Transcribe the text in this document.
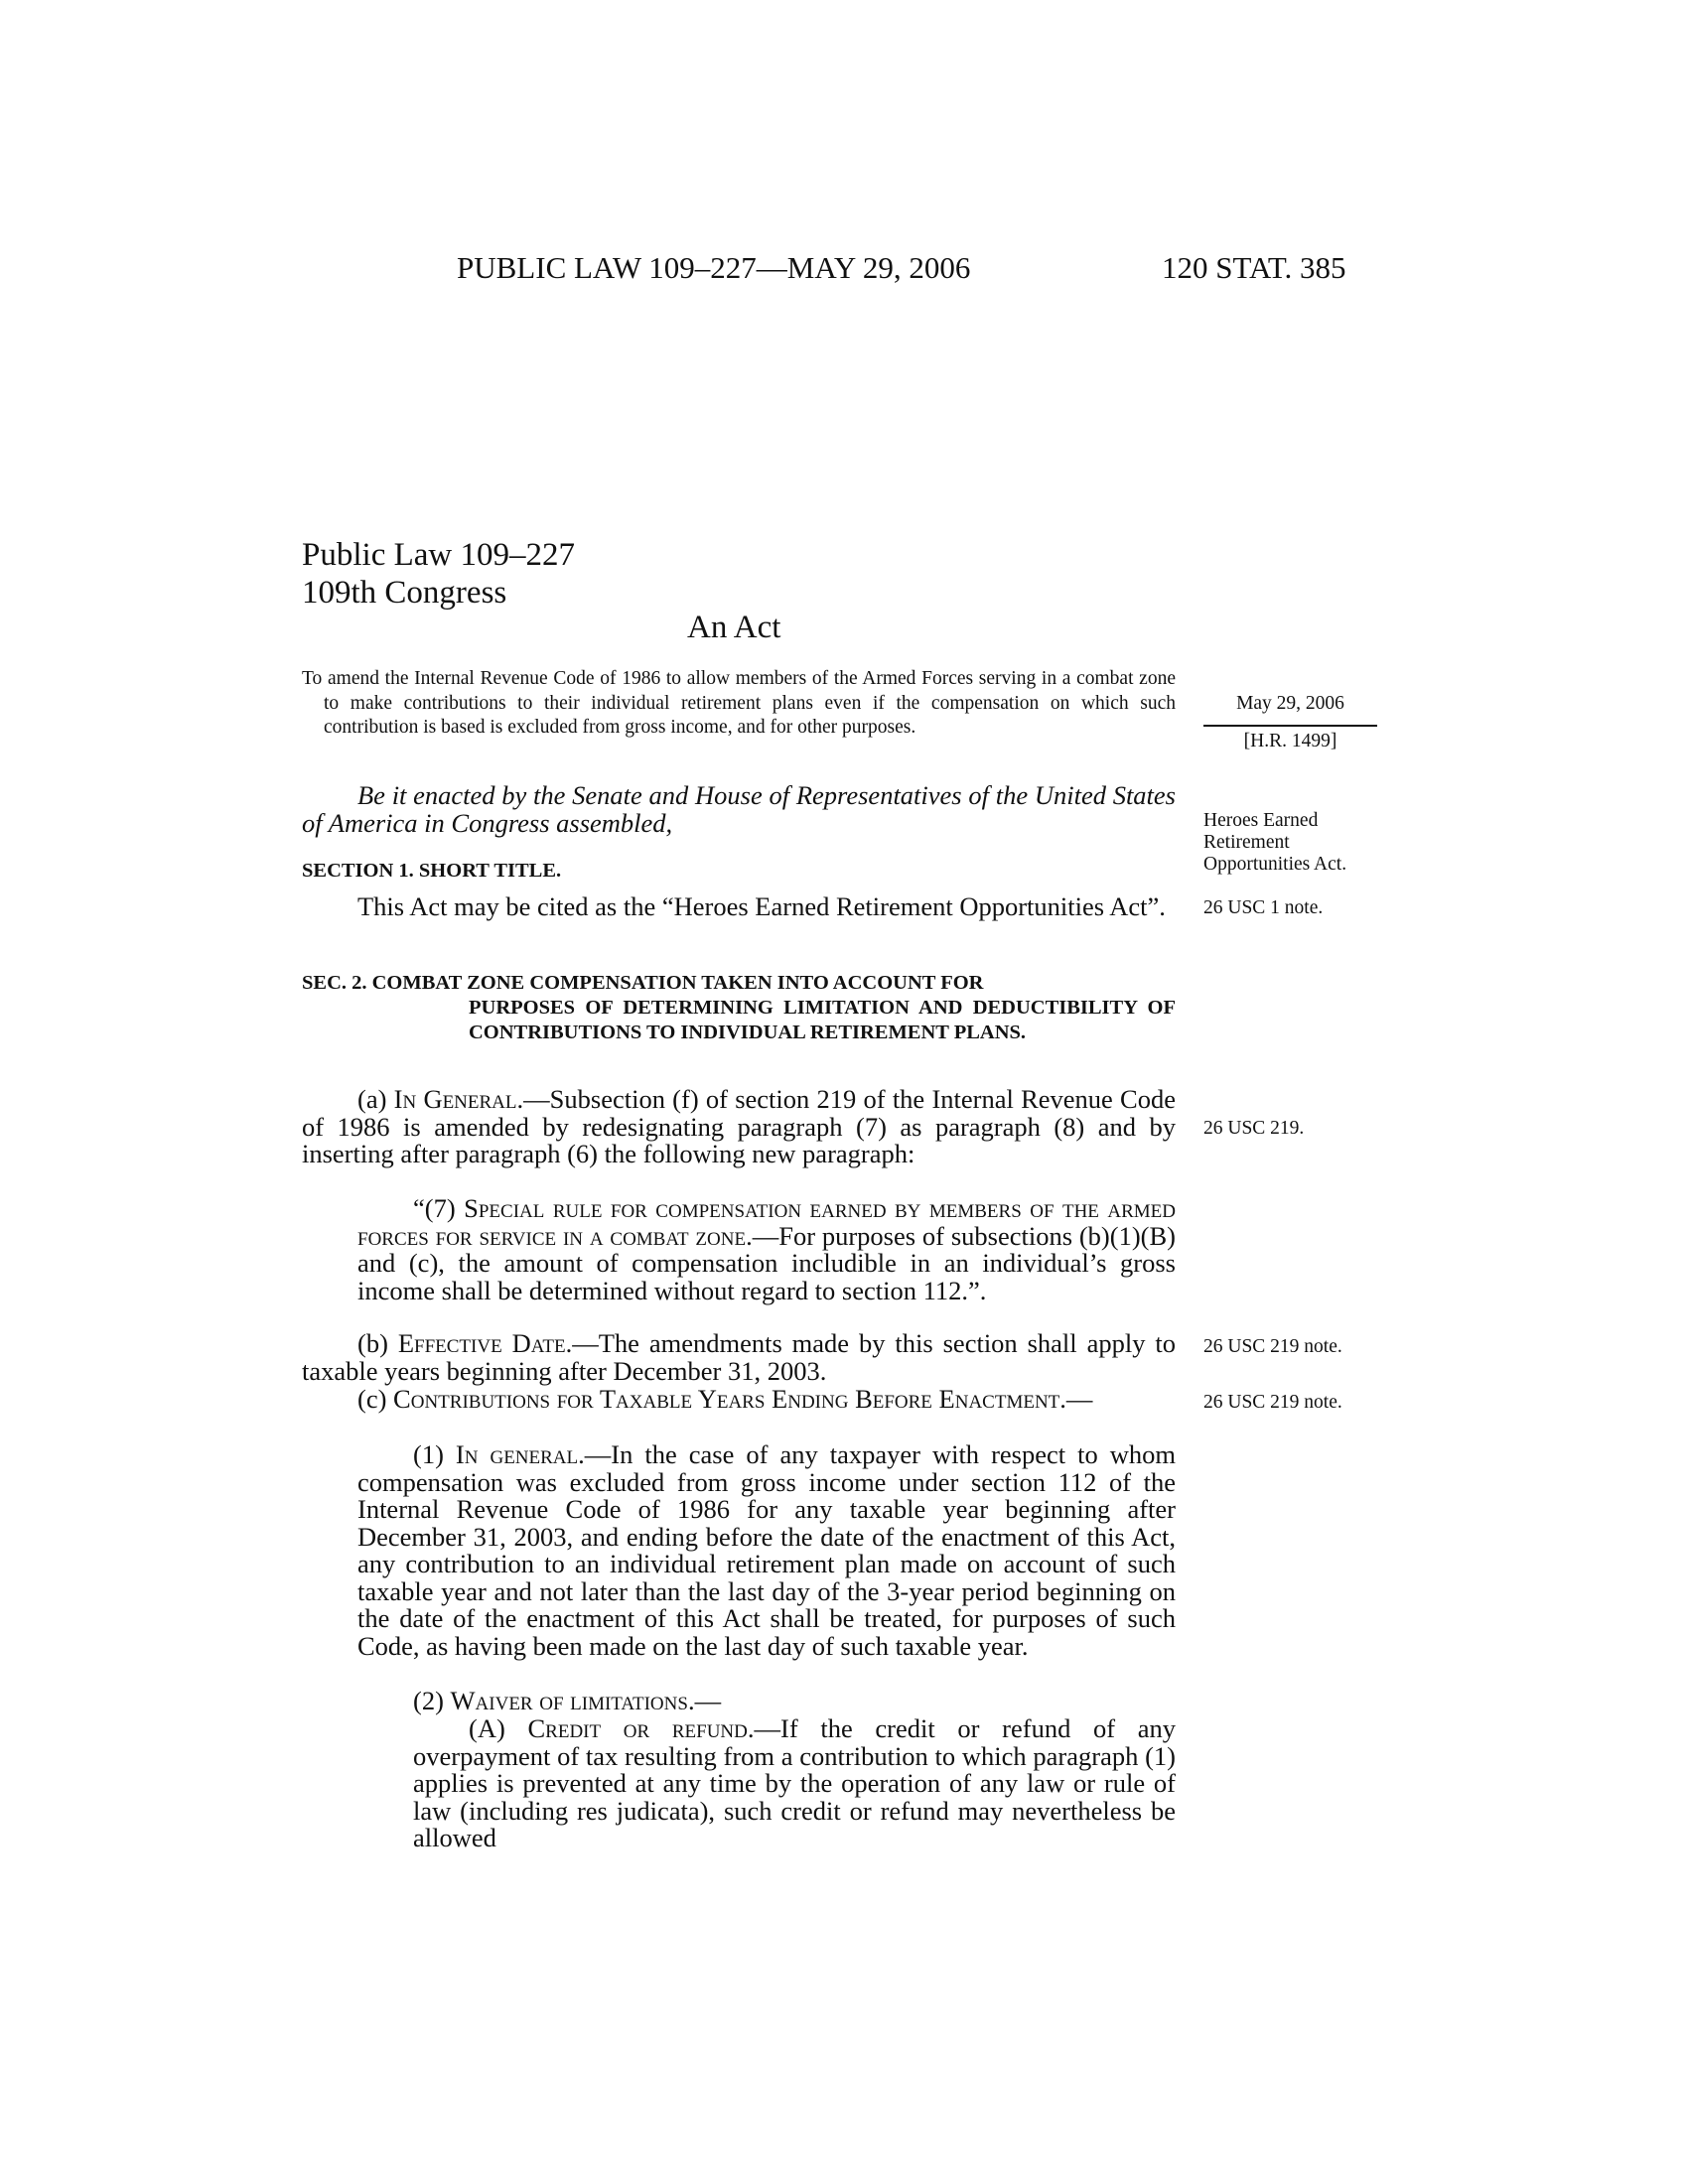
PUBLIC LAW 109–227—MAY 29, 2006	120 STAT. 385
Public Law 109–227
109th Congress
An Act
To amend the Internal Revenue Code of 1986 to allow members of the Armed Forces serving in a combat zone to make contributions to their individual retirement plans even if the compensation on which such contribution is based is excluded from gross income, and for other purposes.
May 29, 2006
[H.R. 1499]
Heroes Earned Retirement Opportunities Act.
26 USC 1 note.
26 USC 219.
26 USC 219 note.
26 USC 219 note.
Be it enacted by the Senate and House of Representatives of the United States of America in Congress assembled,
SECTION 1. SHORT TITLE.
This Act may be cited as the “Heroes Earned Retirement Opportunities Act”.
SEC. 2. COMBAT ZONE COMPENSATION TAKEN INTO ACCOUNT FOR
PURPOSES OF DETERMINING LIMITATION AND DEDUCTIBILITY OF CONTRIBUTIONS TO INDIVIDUAL RETIREMENT PLANS.
(a) In General.—Subsection (f) of section 219 of the Internal Revenue Code of 1986 is amended by redesignating paragraph (7) as paragraph (8) and by inserting after paragraph (6) the following new paragraph:
“(7) Special rule for compensation earned by members of the armed forces for service in a combat zone.—For purposes of subsections (b)(1)(B) and (c), the amount of compensation includible in an individual’s gross income shall be determined without regard to section 112.”.
(b) Effective Date.—The amendments made by this section shall apply to taxable years beginning after December 31, 2003.
(c) Contributions for Taxable Years Ending Before Enactment.—
(1) In general.—In the case of any taxpayer with respect to whom compensation was excluded from gross income under section 112 of the Internal Revenue Code of 1986 for any taxable year beginning after December 31, 2003, and ending before the date of the enactment of this Act, any contribution to an individual retirement plan made on account of such taxable year and not later than the last day of the 3-year period beginning on the date of the enactment of this Act shall be treated, for purposes of such Code, as having been made on the last day of such taxable year.
(2) Waiver of limitations.—
(A) Credit or refund.—If the credit or refund of any overpayment of tax resulting from a contribution to which paragraph (1) applies is prevented at any time by the operation of any law or rule of law (including res judicata), such credit or refund may nevertheless be allowed
